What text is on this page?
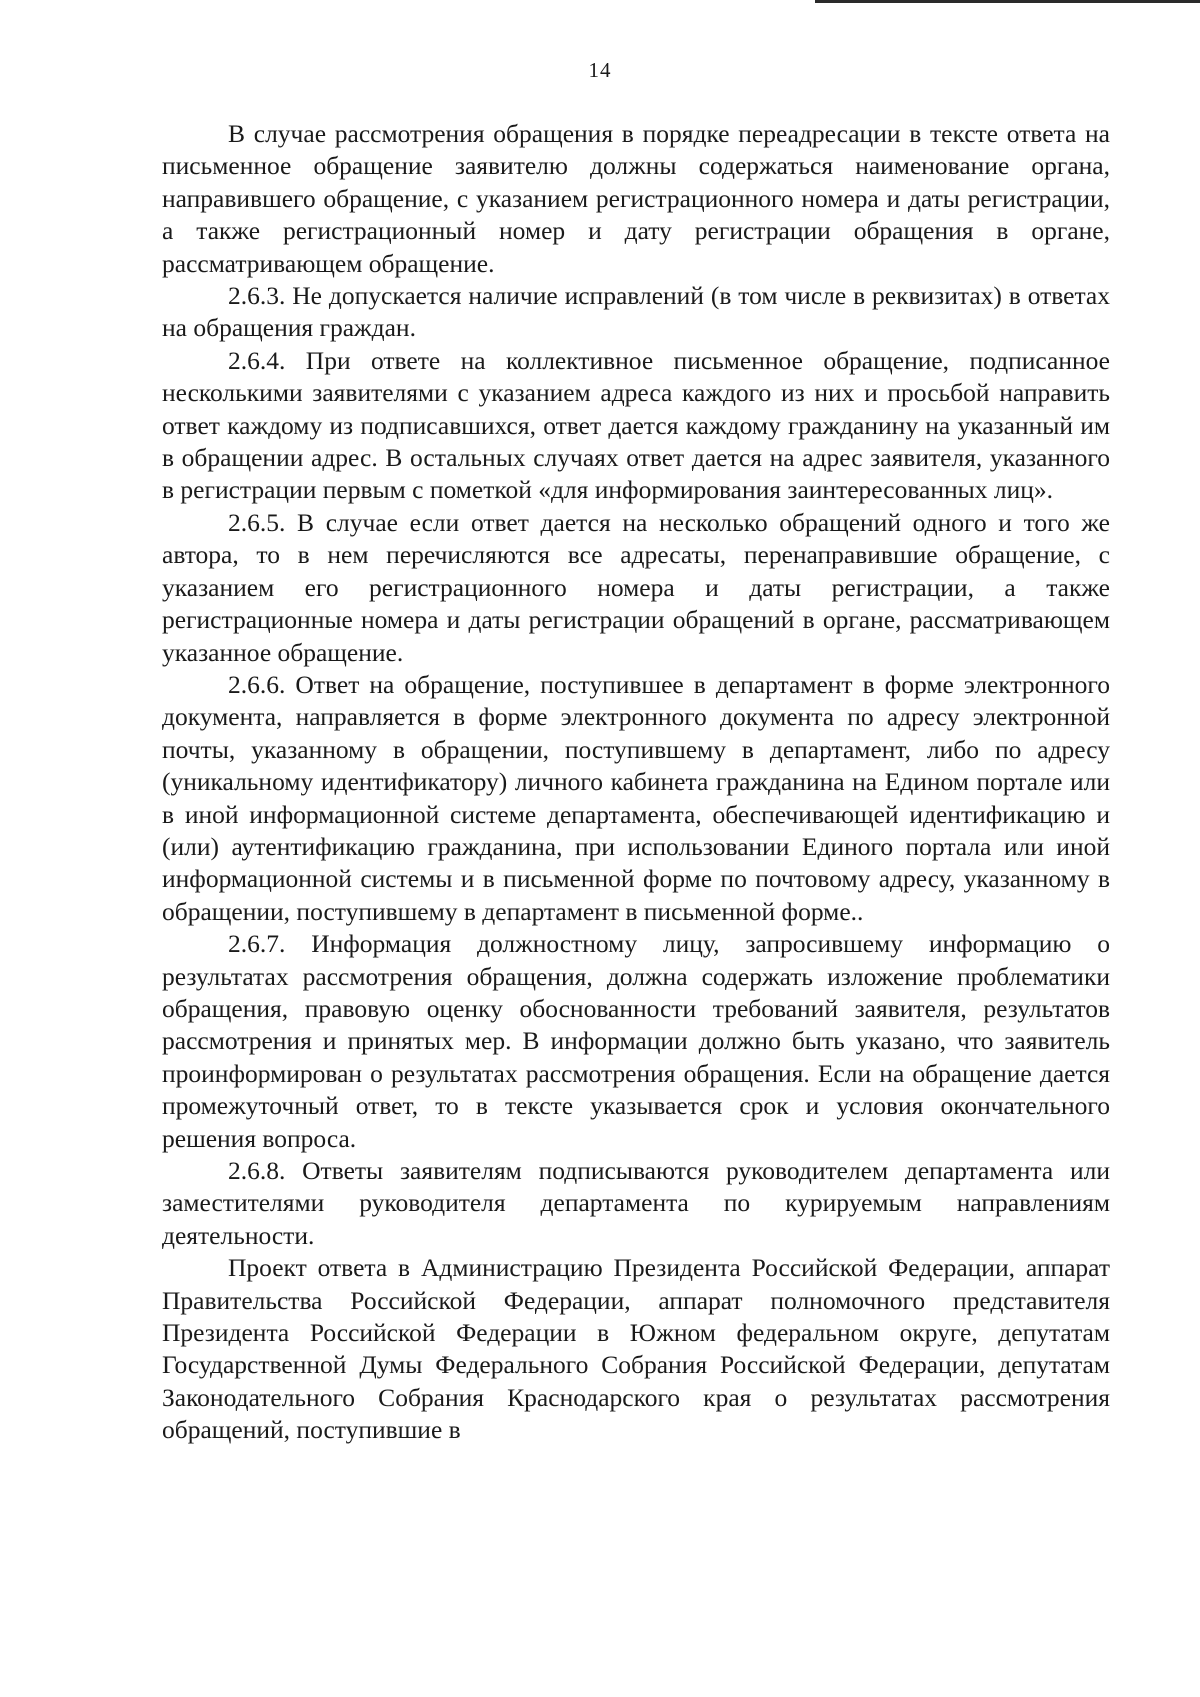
14

В случае рассмотрения обращения в порядке переадресации в тексте ответа на письменное обращение заявителю должны содержаться наименование органа, направившего обращение, с указанием регистрационного номера и даты регистрации, а также регистрационный номер и дату регистрации обращения в органе, рассматривающем обращение.

2.6.3. Не допускается наличие исправлений (в том числе в реквизитах) в ответах на обращения граждан.

2.6.4. При ответе на коллективное письменное обращение, подписанное несколькими заявителями с указанием адреса каждого из них и просьбой направить ответ каждому из подписавшихся, ответ дается каждому гражданину на указанный им в обращении адрес. В остальных случаях ответ дается на адрес заявителя, указанного в регистрации первым с пометкой «для информирования заинтересованных лиц».

2.6.5. В случае если ответ дается на несколько обращений одного и того же автора, то в нем перечисляются все адресаты, перенаправившие обращение, с указанием его регистрационного номера и даты регистрации, а также регистрационные номера и даты регистрации обращений в органе, рассматривающем указанное обращение.

2.6.6. Ответ на обращение, поступившее в департамент в форме электронного документа, направляется в форме электронного документа по адресу электронной почты, указанному в обращении, поступившему в департамент, либо по адресу (уникальному идентификатору) личного кабинета гражданина на Едином портале или в иной информационной системе департамента, обеспечивающей идентификацию и (или) аутентификацию гражданина, при использовании Единого портала или иной информационной системы и в письменной форме по почтовому адресу, указанному в обращении, поступившему в департамент в письменной форме..

2.6.7. Информация должностному лицу, запросившему информацию о результатах рассмотрения обращения, должна содержать изложение проблематики обращения, правовую оценку обоснованности требований заявителя, результатов рассмотрения и принятых мер. В информации должно быть указано, что заявитель проинформирован о результатах рассмотрения обращения. Если на обращение дается промежуточный ответ, то в тексте указывается срок и условия окончательного решения вопроса.

2.6.8. Ответы заявителям подписываются руководителем департамента или заместителями руководителя департамента по курируемым направлениям деятельности.

Проект ответа в Администрацию Президента Российской Федерации, аппарат Правительства Российской Федерации, аппарат полномочного представителя Президента Российской Федерации в Южном федеральном округе, депутатам Государственной Думы Федерального Собрания Российской Федерации, депутатам Законодательного Собрания Краснодарского края о результатах рассмотрения обращений, поступившие в
